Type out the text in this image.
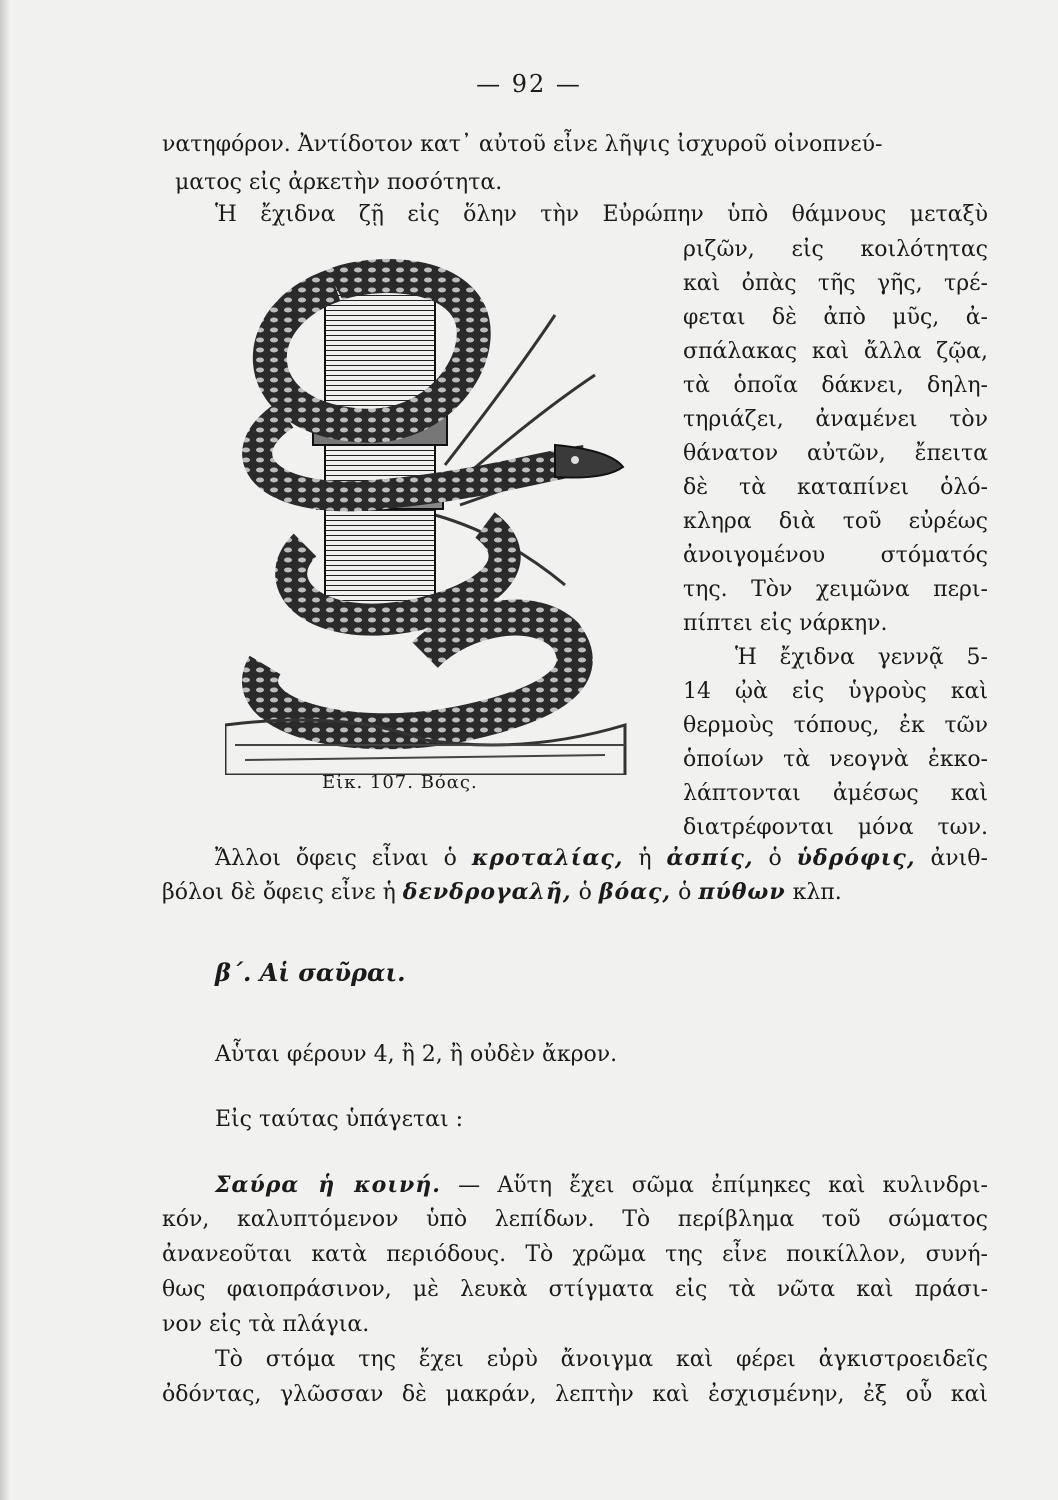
— 92 —
νατηφόρον. Ἀντίδοτον κατ᾿ αὐτοῦ εἶνε λῆψις ἰσχυροῦ οἰνοπνεύ-
ματος εἰς ἀρκετὴν ποσότητα.
Ἡ ἔχιδνα ζῇ εἰς ὅλην τὴν Εὐρώπην ὑπὸ θάμνους μεταξὺ
Εἰκ. 107. Βόας.
ριζῶν, εἰς κοιλότητας
καὶ ὀπὰς τῆς γῆς, τρέ-
φεται δὲ ἀπὸ μῦς, ἀ-
σπάλακας καὶ ἄλλα ζῷα,
τὰ ὁποῖα δάκνει, δηλη-
τηριάζει, ἀναμένει τὸν
θάνατον αὐτῶν, ἔπειτα
δὲ τὰ καταπίνει ὁλό-
κληρα διὰ τοῦ εὐρέως
ἀνοιγομένου στόματός
της. Τὸν χειμῶνα περι-
πίπτει εἰς νάρκην.
Ἡ ἔχιδνα γεννᾷ 5-
14 ᾠὰ εἰς ὑγροὺς καὶ
θερμοὺς τόπους, ἐκ τῶν
ὁποίων τὰ νεογνὰ ἐκκο-
λάπτονται ἀμέσως καὶ
διατρέφονται μόνα των.
Ἄλλοι ὄφεις εἶναι ὁ κροταλίας, ἡ ἀσπίς, ὁ ὑδρόφις, ἀνιθ-
βόλοι δὲ ὄφεις εἶνε ἡ δενδρογαλῆ, ὁ βόας, ὁ πύθων κλπ.
β΄. Αἱ σαῦραι.
Αὗται φέρουν 4, ἢ 2, ἢ οὐδὲν ἄκρον.
Εἰς ταύτας ὑπάγεται :
Σαύρα ἡ κοινή. — Αὕτη ἔχει σῶμα ἐπίμηκες καὶ κυλινδρι-
κόν, καλυπτόμενον ὑπὸ λεπίδων. Τὸ περίβλημα τοῦ σώματος
ἀνανεοῦται κατὰ περιόδους. Τὸ χρῶμα της εἶνε ποικίλλον, συνή-
θως φαιοπράσινον, μὲ λευκὰ στίγματα εἰς τὰ νῶτα καὶ πράσι-
νον εἰς τὰ πλάγια.
Τὸ στόμα της ἔχει εὐρὺ ἄνοιγμα καὶ φέρει ἀγκιστροειδεῖς
ὀδόντας, γλῶσσαν δὲ μακράν, λεπτὴν καὶ ἐσχισμένην, ἐξ οὗ καὶ
